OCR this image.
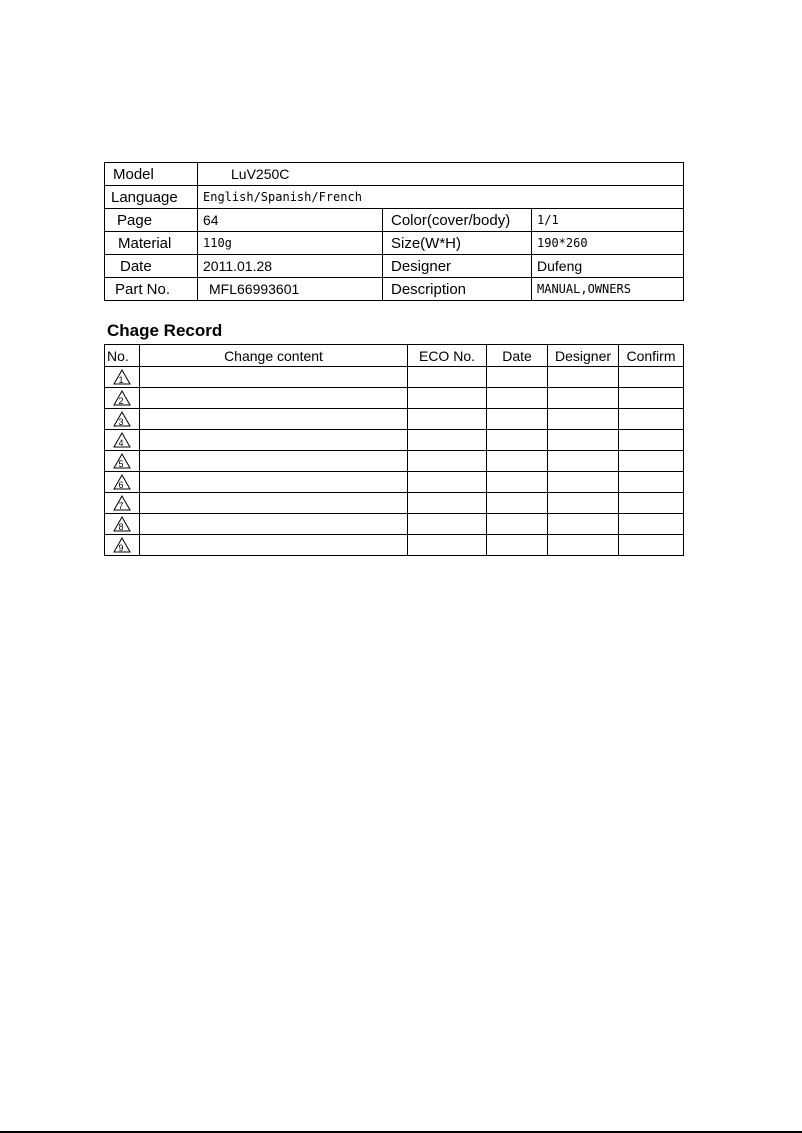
Model	LuV250C		
Language	English/Spanish/French		
Page	64	Color(cover/body)	1/1
Material	110g	Size(W*H)	190*260
Date	2011.01.28	Designer	Dufeng
Part No.	MFL66993601	Description	MANUAL,OWNERS
Chage Record
No.	Change content	ECO No.	Date	Designer	Confirm

1					

2					

3					

4					

5					

6					

7					

8					

9					
